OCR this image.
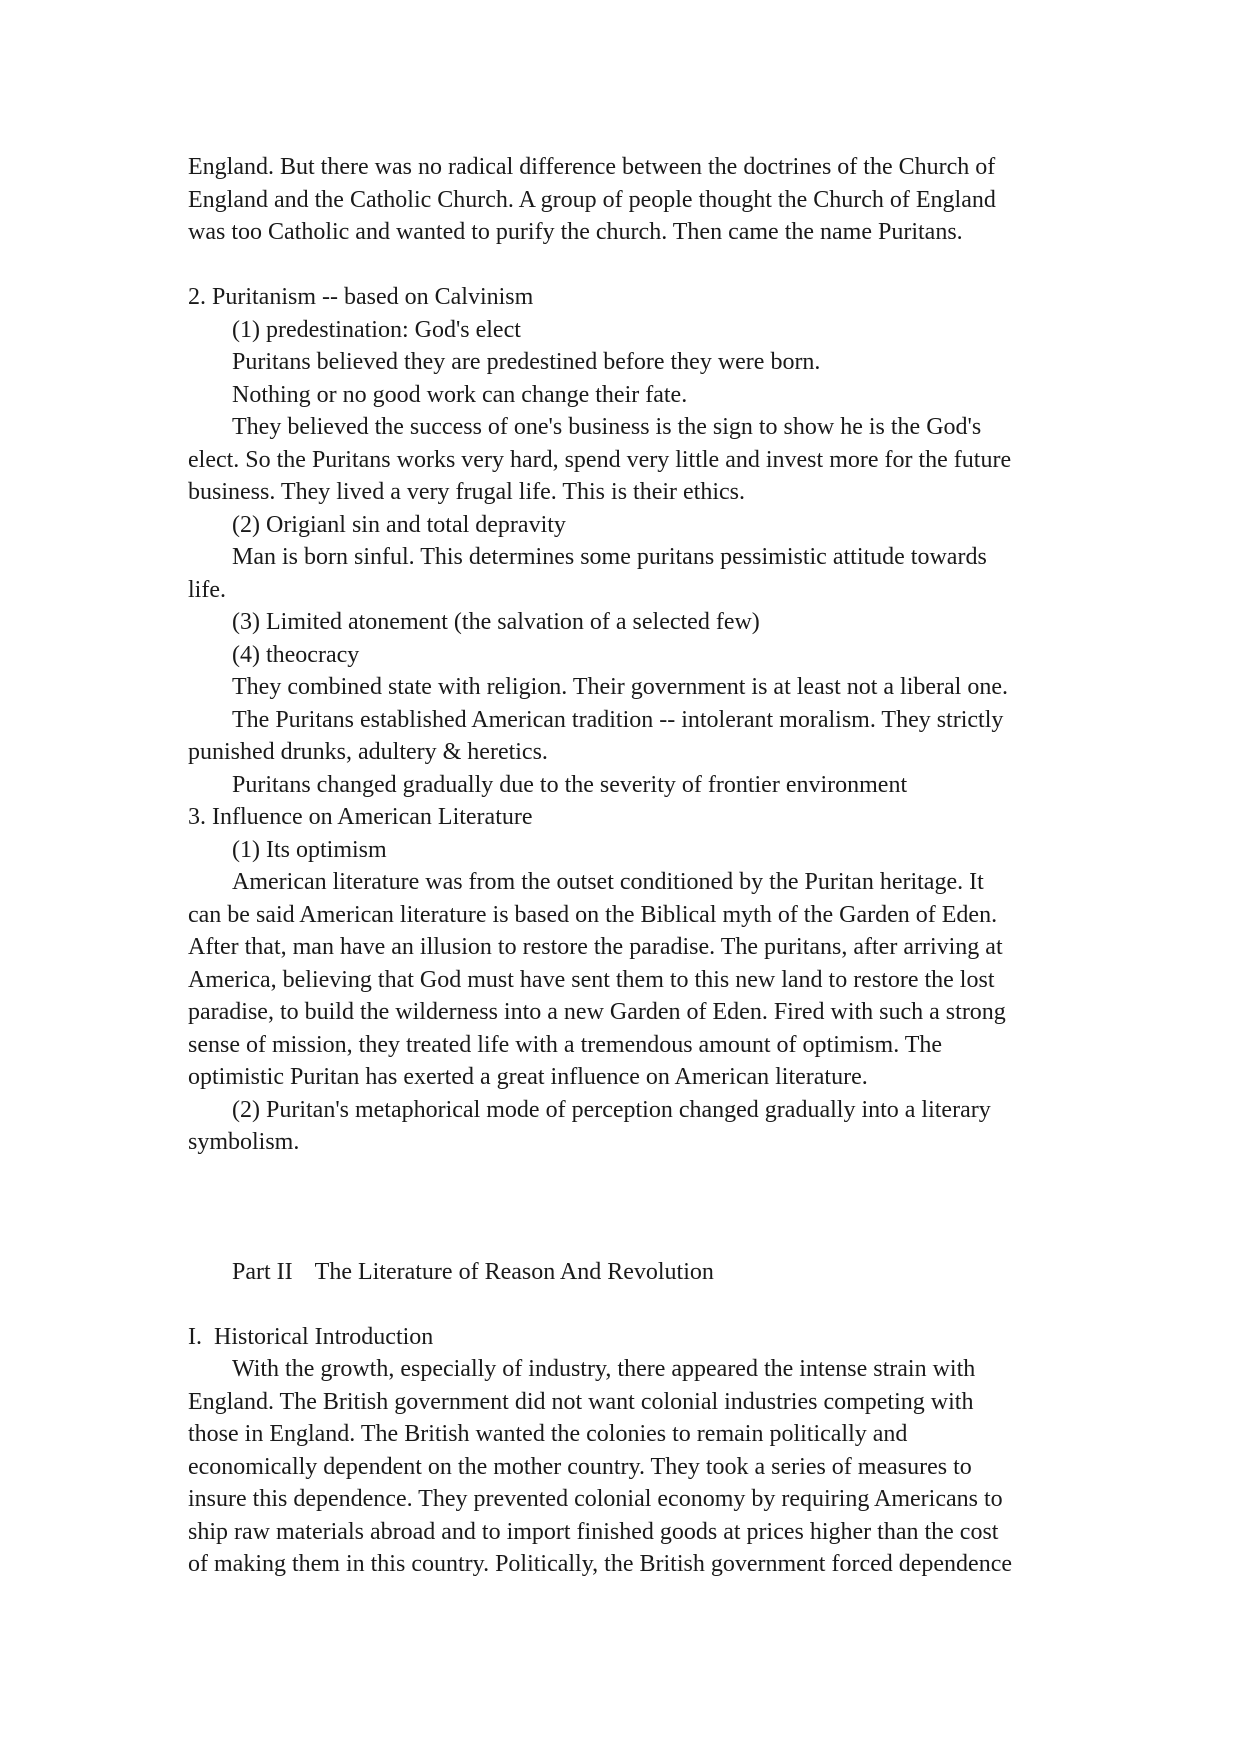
England. But there was no radical difference between the doctrines of the Church of

England and the Catholic Church. A group of people thought the Church of England

was too Catholic and wanted to purify the church. Then came the name Puritans.

2. Puritanism -- based on Calvinism

(1) predestination: God's elect

Puritans believed they are predestined before they were born.

Nothing or no good work can change their fate.

They believed the success of one's business is the sign to show he is the God's

elect. So the Puritans works very hard, spend very little and invest more for the future

business. They lived a very frugal life. This is their ethics.

(2) Origianl sin and total depravity

Man is born sinful. This determines some puritans pessimistic attitude towards

life.

(3) Limited atonement (the salvation of a selected few)

(4) theocracy

They combined state with religion. Their government is at least not a liberal one.

The Puritans established American tradition -- intolerant moralism. They strictly

punished drunks, adultery & heretics.

Puritans changed gradually due to the severity of frontier environment

3. Influence on American Literature

(1) Its optimism

American literature was from the outset conditioned by the Puritan heritage. It

can be said American literature is based on the Biblical myth of the Garden of Eden.

After that, man have an illusion to restore the paradise. The puritans, after arriving at

America, believing that God must have sent them to this new land to restore the lost

paradise, to build the wilderness into a new Garden of Eden. Fired with such a strong

sense of mission, they treated life with a tremendous amount of optimism. The

optimistic Puritan has exerted a great influence on American literature.

(2) Puritan's metaphorical mode of perception changed gradually into a literary

symbolism.

Part II The Literature of Reason And Revolution

I. Historical Introduction

With the growth, especially of industry, there appeared the intense strain with

England. The British government did not want colonial industries competing with

those in England. The British wanted the colonies to remain politically and

economically dependent on the mother country. They took a series of measures to

insure this dependence. They prevented colonial economy by requiring Americans to

ship raw materials abroad and to import finished goods at prices higher than the cost

of making them in this country. Politically, the British government forced dependence
